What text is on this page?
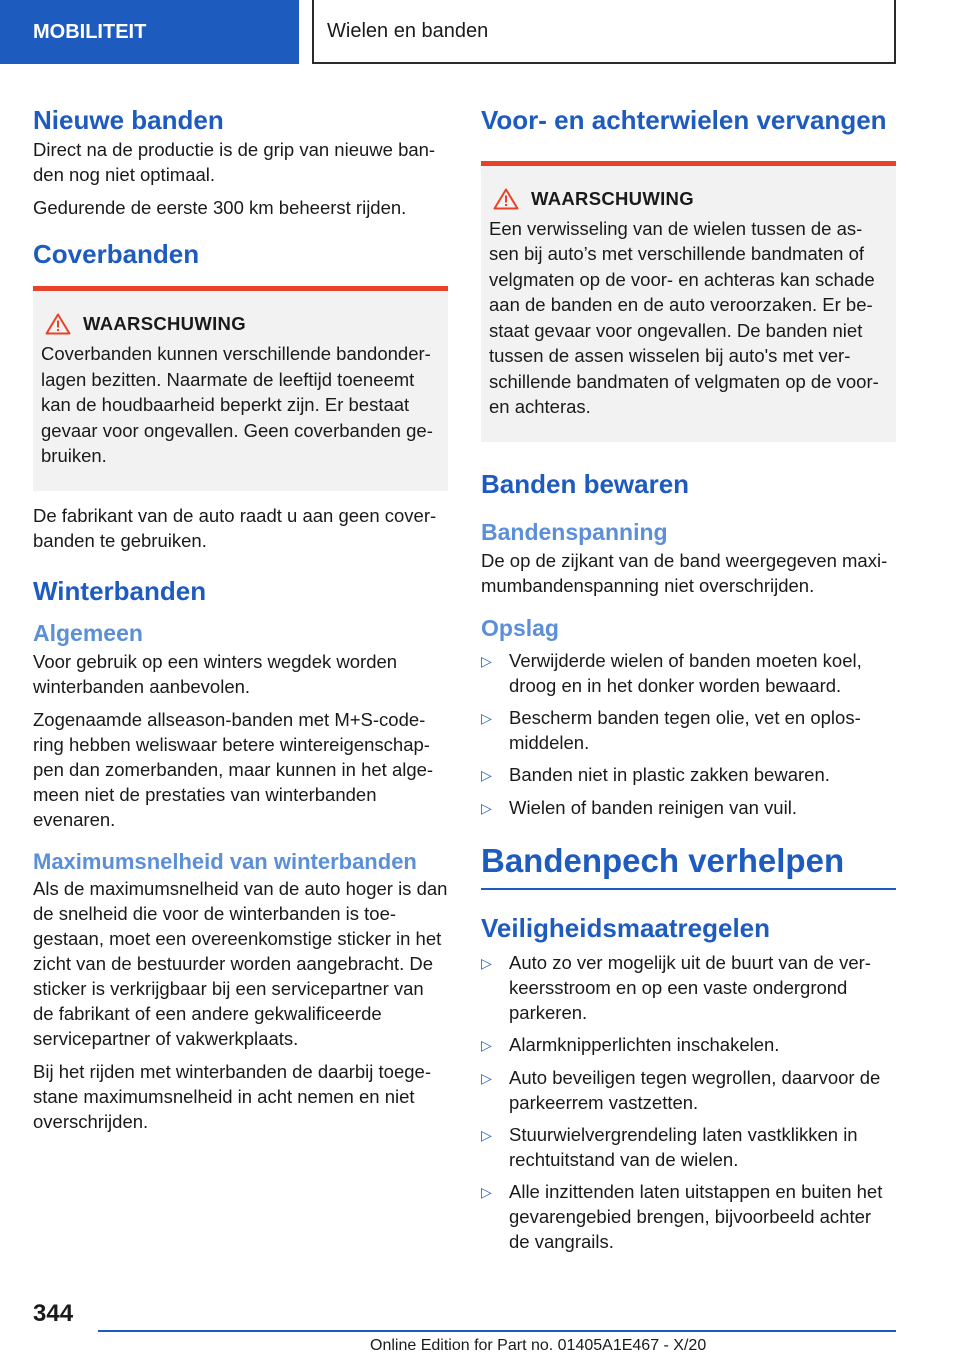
MOBILITEIT	Wielen en banden
Nieuwe banden
Direct na de productie is de grip van nieuwe ban-den nog niet optimaal.
Gedurende de eerste 300 km beheerst rijden.
Coverbanden
WAARSCHUWING
Coverbanden kunnen verschillende bandonder-lagen bezitten. Naarmate de leeftijd toeneemt kan de houdbaarheid beperkt zijn. Er bestaat gevaar voor ongevallen. Geen coverbanden ge-bruiken.
De fabrikant van de auto raadt u aan geen cover-banden te gebruiken.
Winterbanden
Algemeen
Voor gebruik op een winters wegdek worden winterbanden aanbevolen.
Zogenaamde allseason-banden met M+S-code-ring hebben weliswaar betere wintereigenschap-pen dan zomerbanden, maar kunnen in het alge-meen niet de prestaties van winterbanden evenaren.
Maximumsnelheid van winterbanden
Als de maximumsnelheid van de auto hoger is dan de snelheid die voor de winterbanden is toe-gestaan, moet een overeenkomstige sticker in het zicht van de bestuurder worden aangebracht. De sticker is verkrijgbaar bij een servicepartner van de fabrikant of een andere gekwalificeerde servicepartner of vakwerkplaats.
Bij het rijden met winterbanden de daarbij toege-stane maximumsnelheid in acht nemen en niet overschrijden.
Voor- en achterwielen vervangen
WAARSCHUWING
Een verwisseling van de wielen tussen de as-sen bij auto’s met verschillende bandmaten of velgmaten op de voor- en achteras kan schade aan de banden en de auto veroorzaken. Er be-staat gevaar voor ongevallen. De banden niet tussen de assen wisselen bij auto's met ver-schillende bandmaten of velgmaten op de voor- en achteras.
Banden bewaren
Bandenspanning
De op de zijkant van de band weergegeven maxi-mumbandenspanning niet overschrijden.
Opslag
▷ Verwijderde wielen of banden moeten koel, droog en in het donker worden bewaard.
▷ Bescherm banden tegen olie, vet en oplos-middelen.
▷ Banden niet in plastic zakken bewaren.
▷ Wielen of banden reinigen van vuil.
Bandenpech verhelpen
Veiligheidsmaatregelen
▷ Auto zo ver mogelijk uit de buurt van de ver-keersstroom en op een vaste ondergrond parkeren.
▷ Alarmknipperlichten inschakelen.
▷ Auto beveiligen tegen wegrollen, daarvoor de parkeerrem vastzetten.
▷ Stuurwielvergrendeling laten vastklikken in rechtuitstand van de wielen.
▷ Alle inzittenden laten uitstappen en buiten het gevarengebied brengen, bijvoorbeeld achter de vangrails.
344
Online Edition for Part no. 01405A1E467 - X/20
